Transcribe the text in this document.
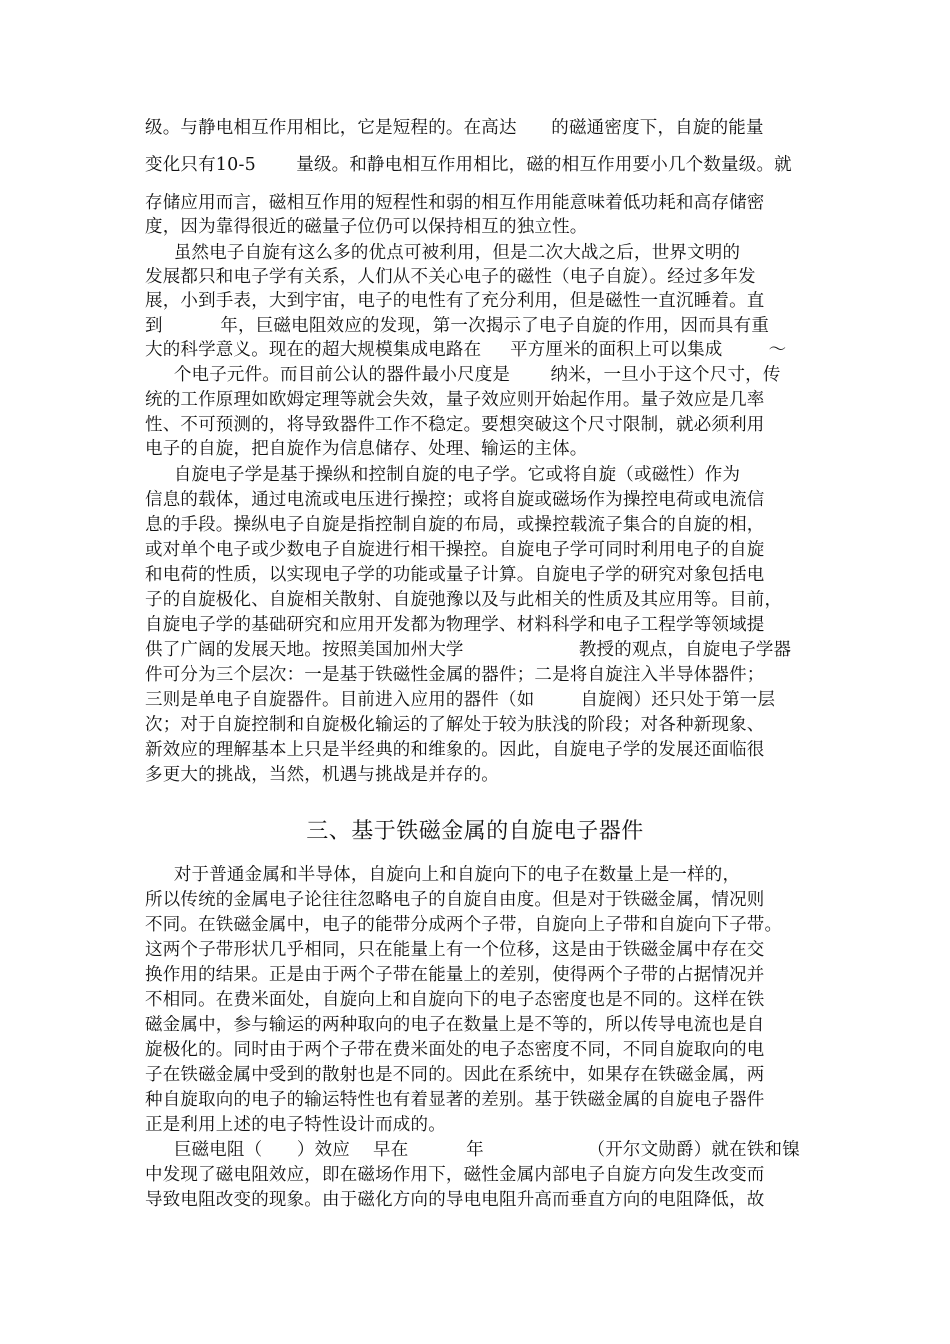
级。与静电相互作用相比，它是短程的。在高达      的磁通密度下，自旋的能量
变化只有10-5       量级。和静电相互作用相比，磁的相互作用要小几个数量级。就
存储应用而言，磁相互作用的短程性和弱的相互作用能意味着低功耗和高存储密
度，因为靠得很近的磁量子位仍可以保持相互的独立性。
虽然电子自旋有这么多的优点可被利用，但是二次大战之后，世界文明的
发展都只和电子学有关系，人们从不关心电子的磁性（电子自旋）。经过多年发
展，小到手表，大到宇宙，电子的电性有了充分利用，但是磁性一直沉睡着。直
到          年，巨磁电阻效应的发现，第一次揭示了电子自旋的作用，因而具有重
大的科学意义。现在的超大规模集成电路在     平方厘米的面积上可以集成        ～
个电子元件。而目前公认的器件最小尺度是       纳米，一旦小于这个尺寸，传
统的工作原理如欧姆定理等就会失效，量子效应则开始起作用。量子效应是几率
性、不可预测的，将导致器件工作不稳定。要想突破这个尺寸限制，就必须利用
电子的自旋，把自旋作为信息储存、处理、输运的主体。
自旋电子学是基于操纵和控制自旋的电子学。它或将自旋（或磁性）作为
信息的载体，通过电流或电压进行操控；或将自旋或磁场作为操控电荷或电流信
息的手段。操纵电子自旋是指控制自旋的布局，或操控载流子集合的自旋的相，
或对单个电子或少数电子自旋进行相干操控。自旋电子学可同时利用电子的自旋
和电荷的性质，以实现电子学的功能或量子计算。自旋电子学的研究对象包括电
子的自旋极化、自旋相关散射、自旋弛豫以及与此相关的性质及其应用等。目前，
自旋电子学的基础研究和应用开发都为物理学、材料科学和电子工程学等领域提
供了广阔的发展天地。按照美国加州大学                    教授的观点，自旋电子学器
件可分为三个层次：一是基于铁磁性金属的器件；二是将自旋注入半导体器件；
三则是单电子自旋器件。目前进入应用的器件（如        自旋阀）还只处于第一层
次；对于自旋控制和自旋极化输运的了解处于较为肤浅的阶段；对各种新现象、
新效应的理解基本上只是半经典的和维象的。因此，自旋电子学的发展还面临很
多更大的挑战，当然，机遇与挑战是并存的。
三、基于铁磁金属的自旋电子器件
对于普通金属和半导体，自旋向上和自旋向下的电子在数量上是一样的，
所以传统的金属电子论往往忽略电子的自旋自由度。但是对于铁磁金属，情况则
不同。在铁磁金属中，电子的能带分成两个子带，自旋向上子带和自旋向下子带。
这两个子带形状几乎相同，只在能量上有一个位移，这是由于铁磁金属中存在交
换作用的结果。正是由于两个子带在能量上的差别，使得两个子带的占据情况并
不相同。在费米面处，自旋向上和自旋向下的电子态密度也是不同的。这样在铁
磁金属中，参与输运的两种取向的电子在数量上是不等的，所以传导电流也是自
旋极化的。同时由于两个子带在费米面处的电子态密度不同，不同自旋取向的电
子在铁磁金属中受到的散射也是不同的。因此在系统中，如果存在铁磁金属，两
种自旋取向的电子的输运特性也有着显著的差别。基于铁磁金属的自旋电子器件
正是利用上述的电子特性设计而成的。
巨磁电阻（      ）效应    早在          年                  （开尔文勋爵）就在铁和镍
中发现了磁电阻效应，即在磁场作用下，磁性金属内部电子自旋方向发生改变而
导致电阻改变的现象。由于磁化方向的导电电阻升高而垂直方向的电阻降低，故
